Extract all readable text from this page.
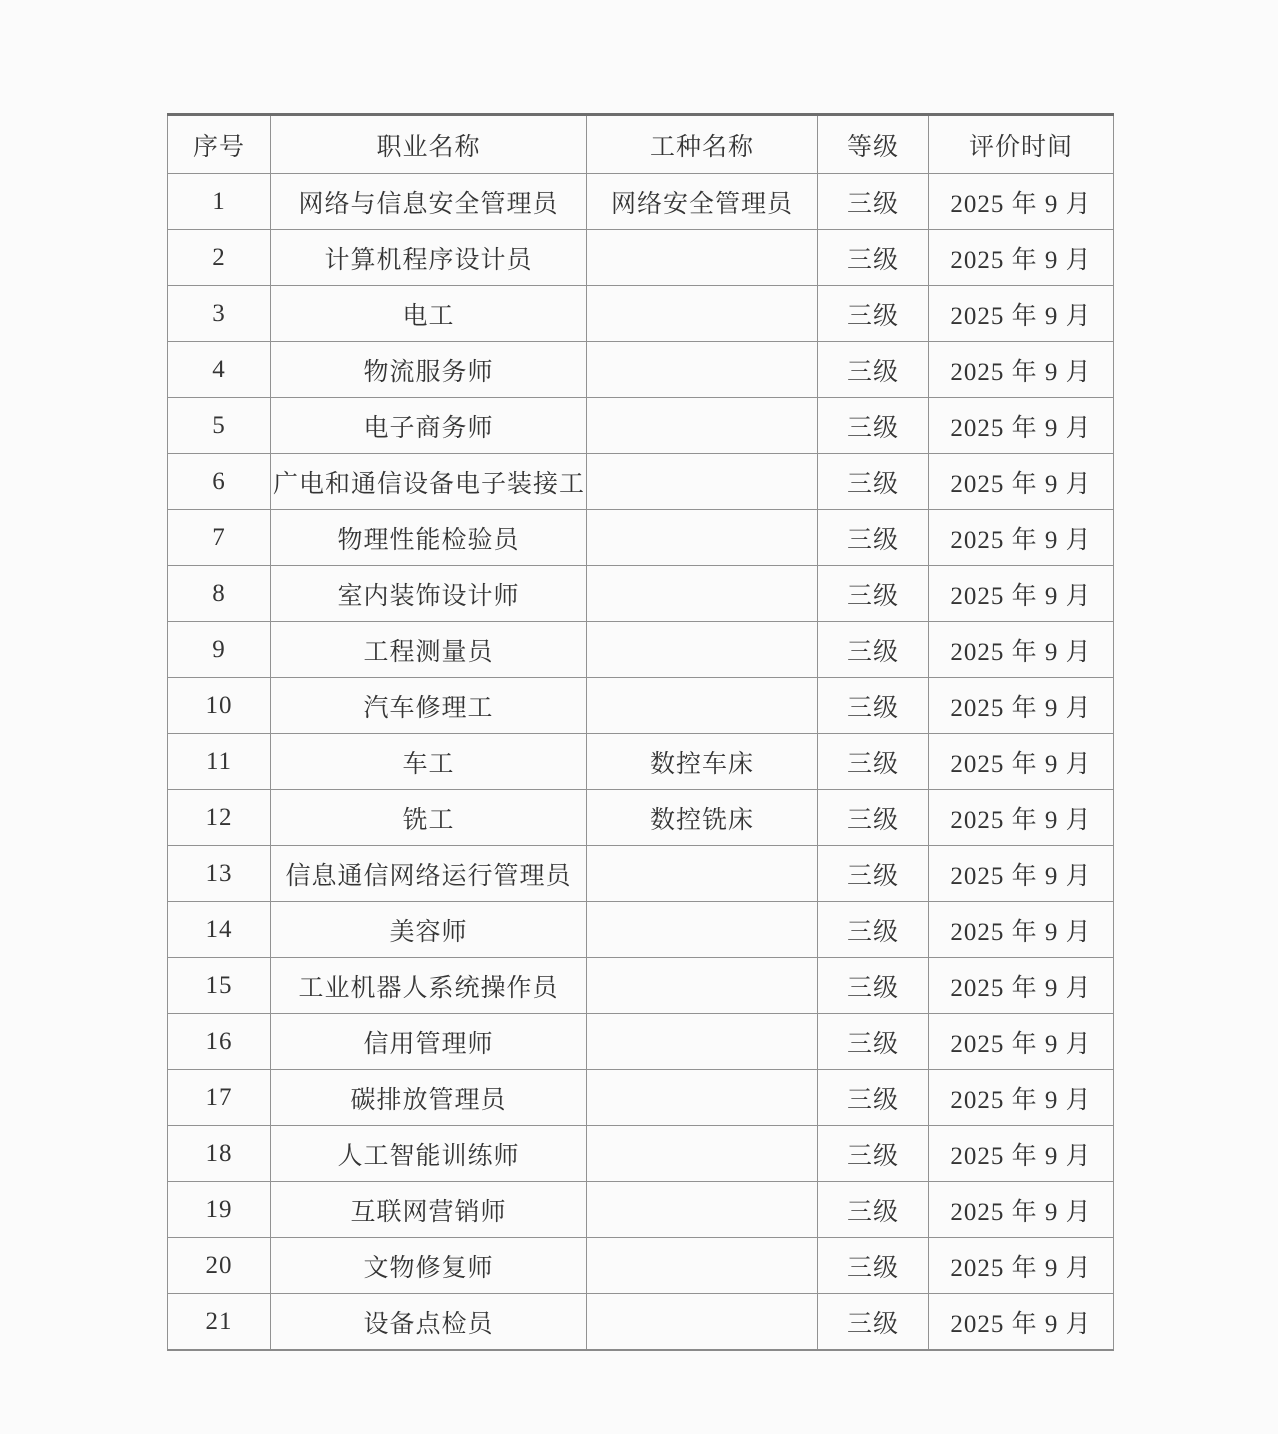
序号	职业名称	工种名称	等级	评价时间
1	网络与信息安全管理员	网络安全管理员	三级	2025 年 9 月
2	计算机程序设计员		三级	2025 年 9 月
3	电工		三级	2025 年 9 月
4	物流服务师		三级	2025 年 9 月
5	电子商务师		三级	2025 年 9 月
6	广电和通信设备电子装接工		三级	2025 年 9 月
7	物理性能检验员		三级	2025 年 9 月
8	室内装饰设计师		三级	2025 年 9 月
9	工程测量员		三级	2025 年 9 月
10	汽车修理工		三级	2025 年 9 月
11	车工	数控车床	三级	2025 年 9 月
12	铣工	数控铣床	三级	2025 年 9 月
13	信息通信网络运行管理员		三级	2025 年 9 月
14	美容师		三级	2025 年 9 月
15	工业机器人系统操作员		三级	2025 年 9 月
16	信用管理师		三级	2025 年 9 月
17	碳排放管理员		三级	2025 年 9 月
18	人工智能训练师		三级	2025 年 9 月
19	互联网营销师		三级	2025 年 9 月
20	文物修复师		三级	2025 年 9 月
21	设备点检员		三级	2025 年 9 月
